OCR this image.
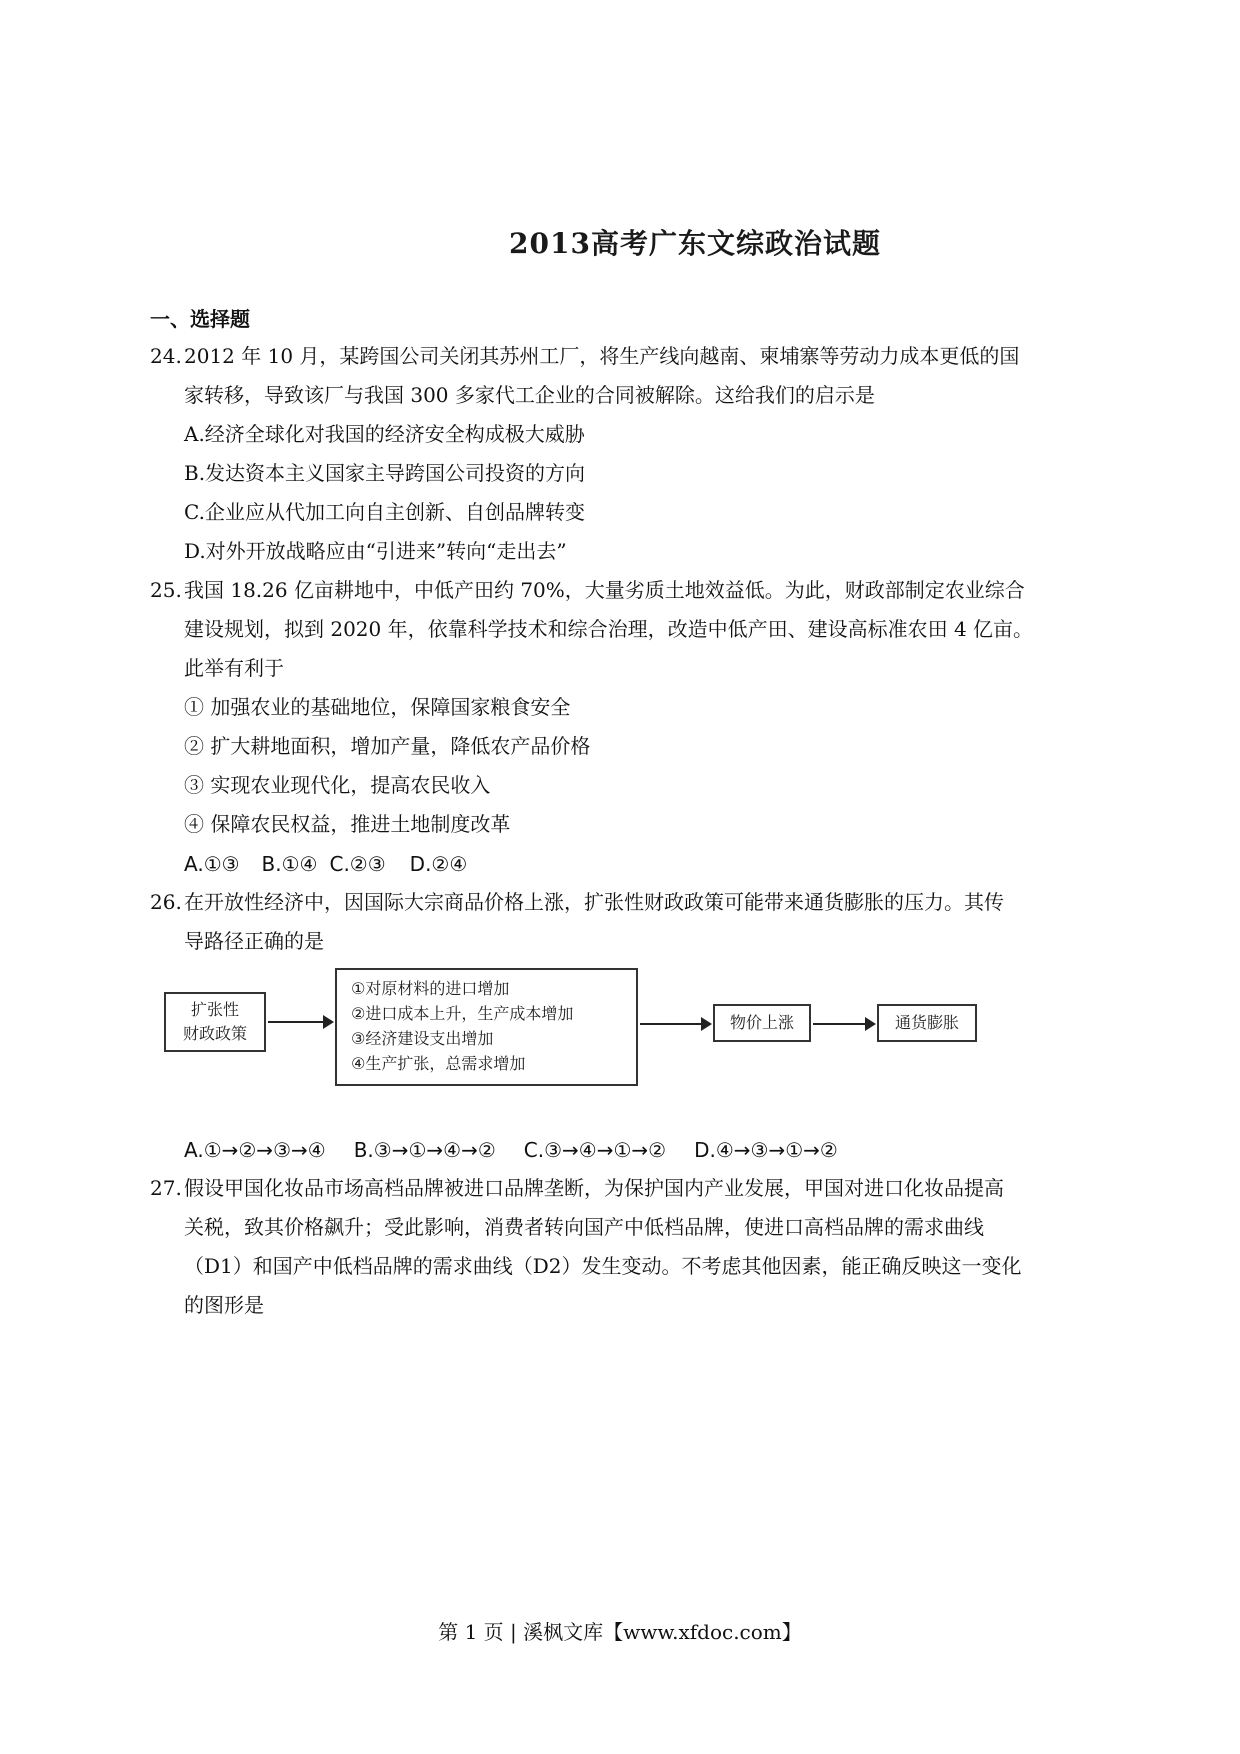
2013高考广东文综政治试题
一、选择题
24. 2012 年 10 月，某跨国公司关闭其苏州工厂，将生产线向越南、柬埔寨等劳动力成本更低的国
家转移，导致该厂与我国 300 多家代工企业的合同被解除。这给我们的启示是
A.经济全球化对我国的经济安全构成极大威胁
B.发达资本主义国家主导跨国公司投资的方向
C.企业应从代加工向自主创新、自创品牌转变
D.对外开放战略应由“引进来”转向“走出去”
25. 我国 18.26 亿亩耕地中，中低产田约 70%，大量劣质土地效益低。为此，财政部制定农业综合
建设规划，拟到 2020 年，依靠科学技术和综合治理，改造中低产田、建设高标准农田 4 亿亩。
此举有利于
① 加强农业的基础地位，保障国家粮食安全
② 扩大耕地面积，增加产量，降低农产品价格
③ 实现农业现代化，提高农民收入
④ 保障农民权益，推进土地制度改革
A.①③ B.①④ C.②③ D.②④
26. 在开放性经济中，因国际大宗商品价格上涨，扩张性财政政策可能带来通货膨胀的压力。其传
导路径正确的是
扩张性
财政政策
①对原材料的进口增加
②进口成本上升，生产成本增加
③经济建设支出增加
④生产扩张，总需求增加
物价上涨	通货膨胀
A.①→②→③→④ B.③→①→④→② C.③→④→①→② D.④→③→①→②
27. 假设甲国化妆品市场高档品牌被进口品牌垄断，为保护国内产业发展，甲国对进口化妆品提高
关税，致其价格飙升；受此影响，消费者转向国产中低档品牌，使进口高档品牌的需求曲线
（D1）和国产中低档品牌的需求曲线（D2）发生变动。不考虑其他因素，能正确反映这一变化
的图形是
第 1 页 | 溪枫文库【www.xfdoc.com】
